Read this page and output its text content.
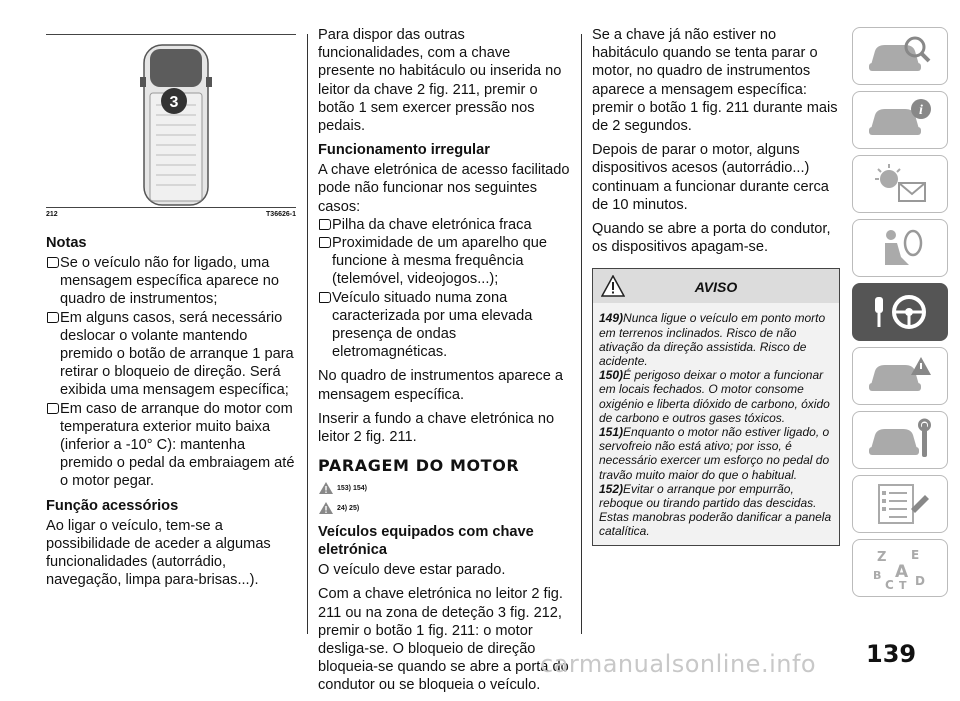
3
212	T36626-1
Notas

Se o veículo não for ligado, uma mensagem específica aparece no quadro de instrumentos;

Em alguns casos, será necessário deslocar o volante mantendo premido o botão de arranque 1 para retirar o bloqueio de direção. Será exibida uma mensagem específica;

Em caso de arranque do motor com temperatura exterior muito baixa (inferior a -10° C): mantenha premido o pedal da embraiagem até o motor pegar.

Função acessórios

Ao ligar o veículo, tem-se a possibilidade de aceder a algumas funcionalidades (autorrádio, navegação, limpa para-brisas...).

Para dispor das outras funcionalidades, com a chave presente no habitáculo ou inserida no leitor da chave 2 fig. 211, premir o botão 1 sem exercer pressão nos pedais.

Funcionamento irregular

A chave eletrónica de acesso facilitado pode não funcionar nos seguintes casos:

Pilha da chave eletrónica fraca

Proximidade de um aparelho que funcione à mesma frequência (telemóvel, videojogos...);

Veículo situado numa zona caracterizada por uma elevada presença de ondas eletromagnéticas.

No quadro de instrumentos aparece a mensagem específica.

Inserir a fundo a chave eletrónica no leitor 2 fig. 211.

PARAGEM DO MOTOR
153) 154)
24) 25)
Veículos equipados com chave eletrónica

O veículo deve estar parado.

Com a chave eletrónica no leitor 2 fig. 211 ou na zona de deteção 3 fig. 212, premir o botão 1 fig. 211: o motor desliga-se. O bloqueio de direção bloqueia-se quando se abre a porta do condutor ou se bloqueia o veículo.

Se a chave já não estiver no habitáculo quando se tenta parar o motor, no quadro de instrumentos aparece a mensagem específica: premir o botão 1 fig. 211 durante mais de 2 segundos.

Depois de parar o motor, alguns dispositivos acesos (autorrádio...) continuam a funcionar durante cerca de 10 minutos.

Quando se abre a porta do condutor, os dispositivos apagam-se.

AVISO
149)Nunca ligue o veículo em ponto morto em terrenos inclinados. Risco de não ativação da direção assistida. Risco de acidente.
150)É perigoso deixar o motor a funcionar em locais fechados. O motor consome oxigénio e liberta dióxido de carbono, óxido de carbono e outros gases tóxicos.
151)Enquanto o motor não estiver ligado, o servofreio não está ativo; por isso, é necessário exercer um esforço no pedal do travão muito maior do que o habitual.
152)Evitar o arranque por empurrão, reboque ou tirando partido das descidas. Estas manobras poderão danificar a panela catalítica.
i
Z E
B A
C T D
139
carmanualsonline.info
